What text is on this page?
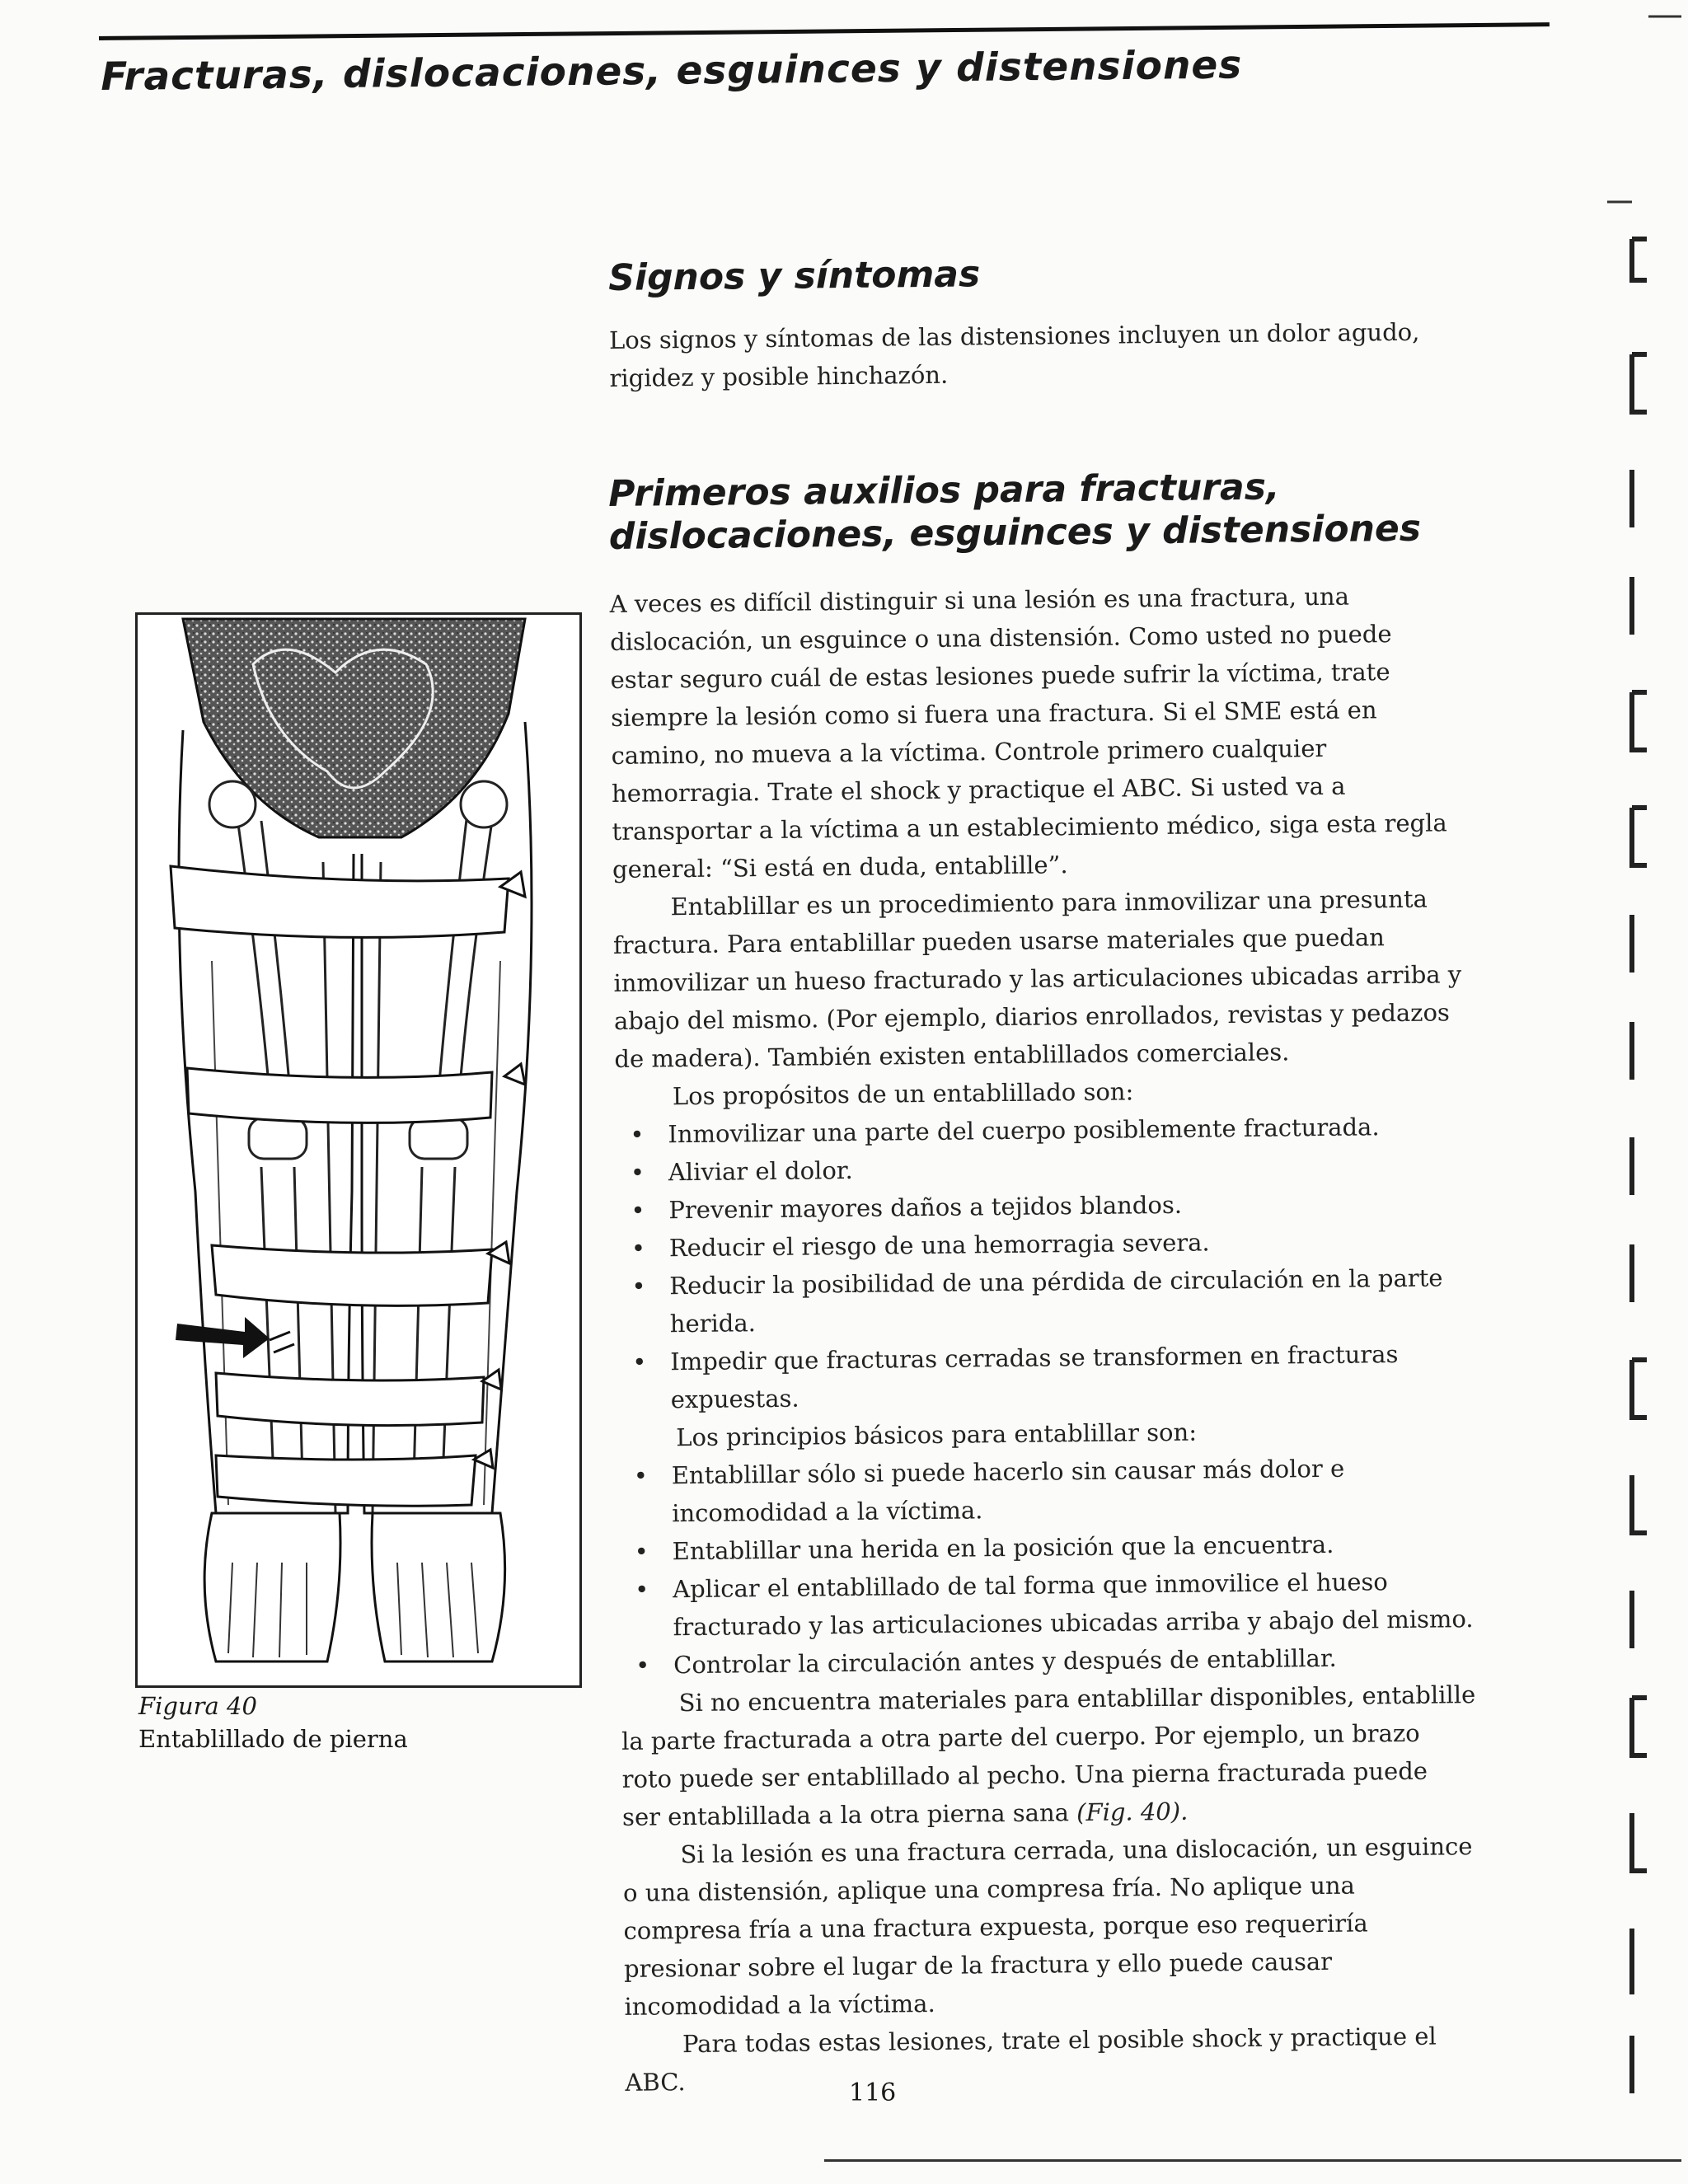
Fracturas, dislocaciones, esguinces y distensiones
Signos y síntomas
Los signos y síntomas de las distensiones incluyen un dolor agudo,
rigidez y posible hinchazón.
Primeros auxilios para fracturas,
dislocaciones, esguinces y distensiones
A veces es difícil distinguir si una lesión es una fractura, una
dislocación, un esguince o una distensión. Como usted no puede
estar seguro cuál de estas lesiones puede sufrir la víctima, trate
siempre la lesión como si fuera una fractura. Si el SME está en
camino, no mueva a la víctima. Controle primero cualquier
hemorragia. Trate el shock y practique el ABC. Si usted va a
transportar a la víctima a un establecimiento médico, siga esta regla
general: “Si está en duda, entablille”.
Entablillar es un procedimiento para inmovilizar una presunta
fractura. Para entablillar pueden usarse materiales que puedan
inmovilizar un hueso fracturado y las articulaciones ubicadas arriba y
abajo del mismo. (Por ejemplo, diarios enrollados, revistas y pedazos
de madera). También existen entablillados comerciales.
Los propósitos de un entablillado son:
• Inmovilizar una parte del cuerpo posiblemente fracturada.
• Aliviar el dolor.
• Prevenir mayores daños a tejidos blandos.
• Reducir el riesgo de una hemorragia severa.
• Reducir la posibilidad de una pérdida de circulación en la parte
herida.
• Impedir que fracturas cerradas se transformen en fracturas
expuestas.
Los principios básicos para entablillar son:
• Entablillar sólo si puede hacerlo sin causar más dolor e
incomodidad a la víctima.
• Entablillar una herida en la posición que la encuentra.
• Aplicar el entablillado de tal forma que inmovilice el hueso
fracturado y las articulaciones ubicadas arriba y abajo del mismo.
• Controlar la circulación antes y después de entablillar.
Si no encuentra materiales para entablillar disponibles, entablille
la parte fracturada a otra parte del cuerpo. Por ejemplo, un brazo
roto puede ser entablillado al pecho. Una pierna fracturada puede
ser entablillada a la otra pierna sana (Fig. 40).
Si la lesión es una fractura cerrada, una dislocación, un esguince
o una distensión, aplique una compresa fría. No aplique una
compresa fría a una fractura expuesta, porque eso requeriría
presionar sobre el lugar de la fractura y ello puede causar
incomodidad a la víctima.
Para todas estas lesiones, trate el posible shock y practique el
ABC.
Figura 40
Entablillado de pierna
116
